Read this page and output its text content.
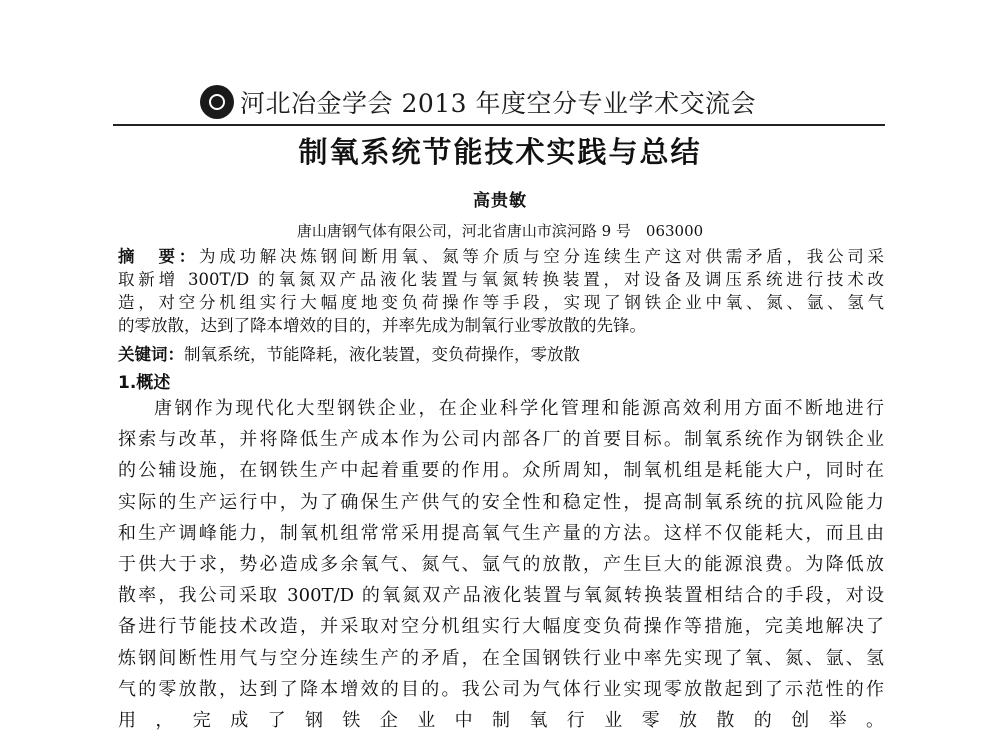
河北冶金学会 2013 年度空分专业学术交流会
制氧系统节能技术实践与总结
高贵敏
唐山唐钢气体有限公司，河北省唐山市滨河路 9 号　063000
摘　要：为成功解决炼钢间断用氧、氮等介质与空分连续生产这对供需矛盾，我公司采
取新增 300T/D 的氧氮双产品液化装置与氧氮转换装置，对设备及调压系统进行技术改
造，对空分机组实行大幅度地变负荷操作等手段，实现了钢铁企业中氧、氮、氩、氢气
的零放散，达到了降本增效的目的，并率先成为制氧行业零放散的先锋。
关键词：制氧系统，节能降耗，液化装置，变负荷操作，零放散
1.概述
唐钢作为现代化大型钢铁企业，在企业科学化管理和能源高效利用方面不断地进行
探索与改革，并将降低生产成本作为公司内部各厂的首要目标。制氧系统作为钢铁企业
的公辅设施，在钢铁生产中起着重要的作用。众所周知，制氧机组是耗能大户，同时在
实际的生产运行中，为了确保生产供气的安全性和稳定性，提高制氧系统的抗风险能力
和生产调峰能力，制氧机组常常采用提高氧气生产量的方法。这样不仅能耗大，而且由
于供大于求，势必造成多余氧气、氮气、氩气的放散，产生巨大的能源浪费。为降低放
散率，我公司采取 300T/D 的氧氮双产品液化装置与氧氮转换装置相结合的手段，对设
备进行节能技术改造，并采取对空分机组实行大幅度变负荷操作等措施，完美地解决了
炼钢间断性用气与空分连续生产的矛盾，在全国钢铁行业中率先实现了氧、氮、氩、氢
气的零放散，达到了降本增效的目的。我公司为气体行业实现零放散起到了示范性的作
用，完成了钢铁企业中制氧行业零放散的创举。
